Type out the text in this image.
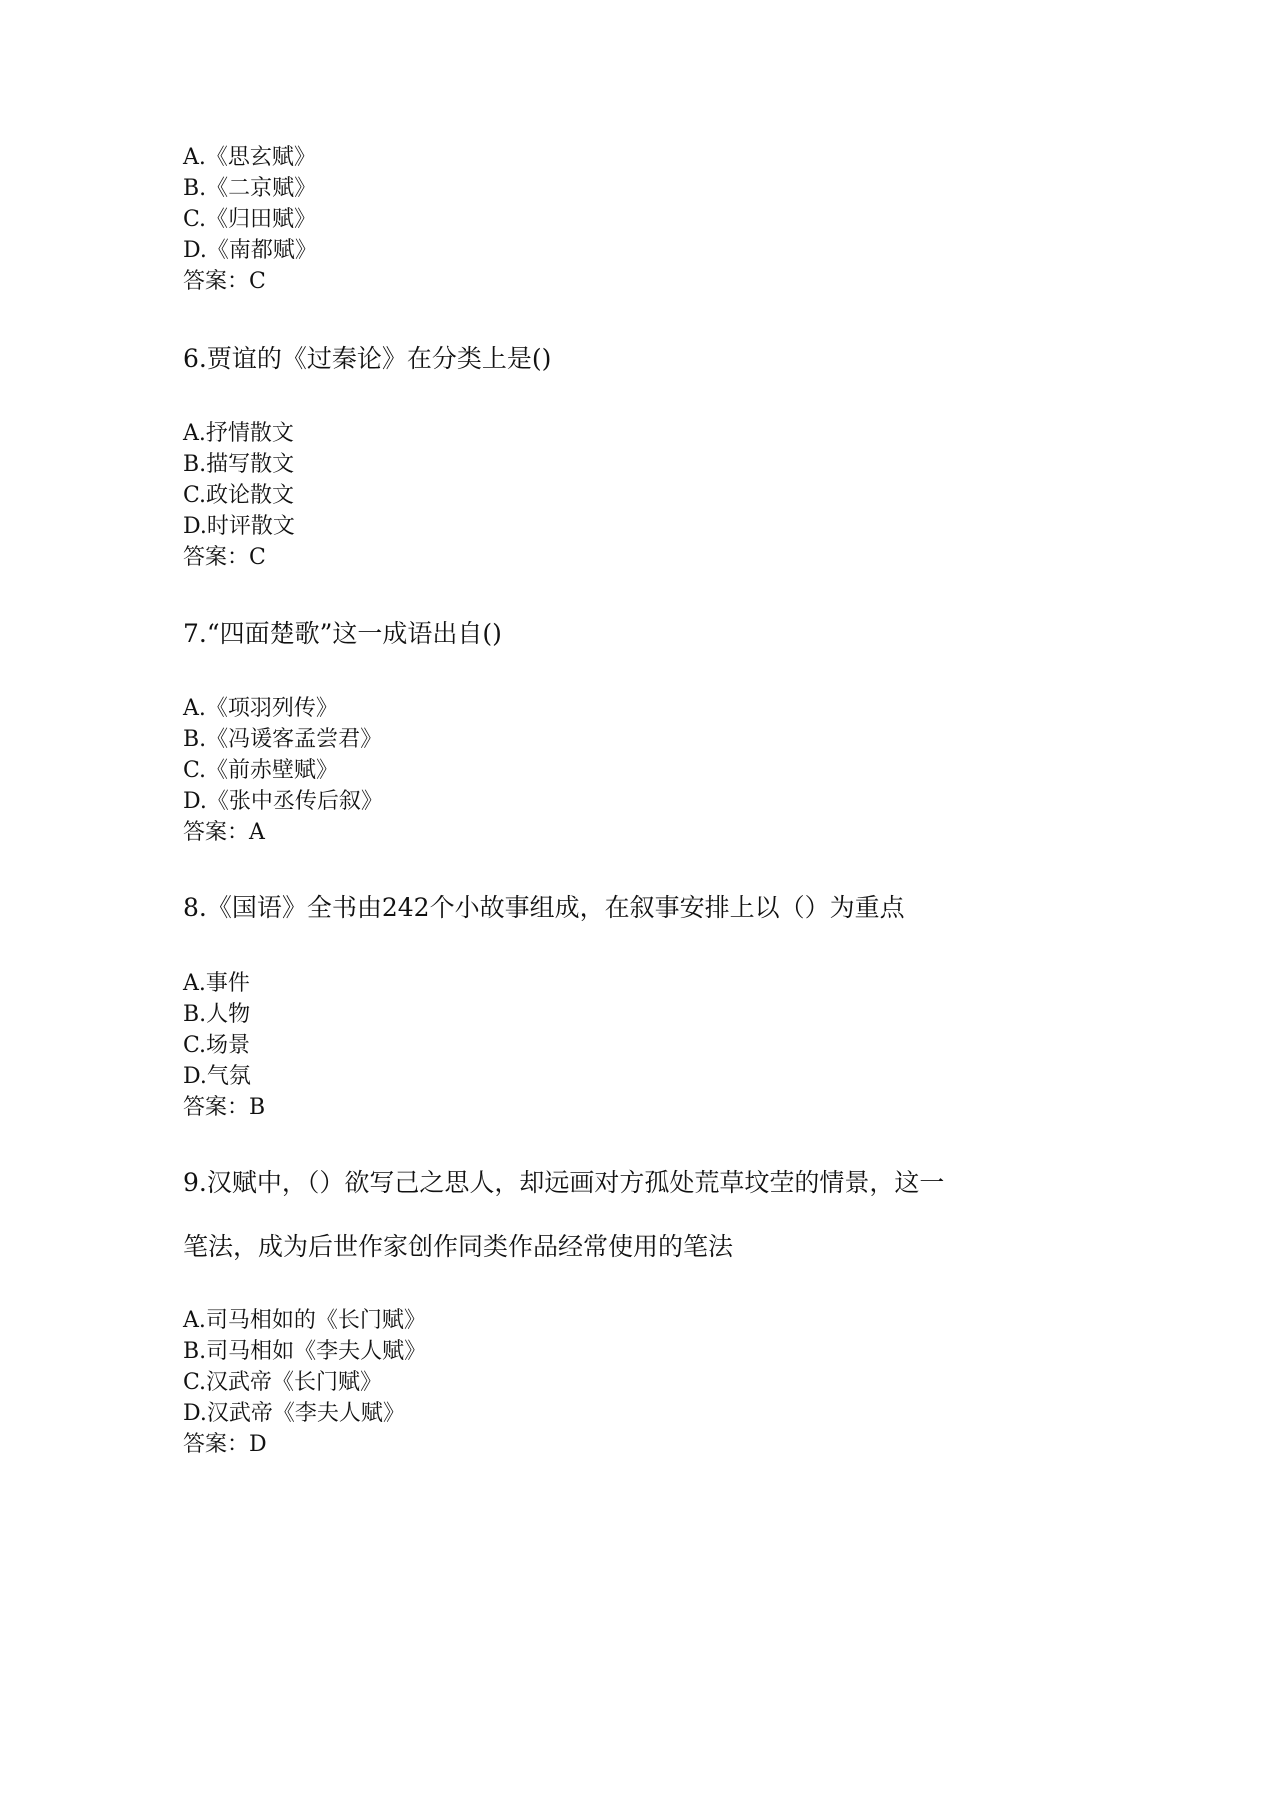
A.《思玄赋》

B.《二京赋》

C.《归田赋》

D.《南都赋》

答案：C

6.贾谊的《过秦论》在分类上是()

A.抒情散文

B.描写散文

C.政论散文

D.时评散文

答案：C

7.“四面楚歌”这一成语出自()

A.《项羽列传》

B.《冯谖客孟尝君》

C.《前赤壁赋》

D.《张中丞传后叙》

答案：A

8.《国语》全书由242个小故事组成，在叙事安排上以（）为重点

A.事件

B.人物

C.场景

D.气氛

答案：B

9.汉赋中，（）欲写己之思人，却远画对方孤处荒草坟茔的情景，这一

笔法，成为后世作家创作同类作品经常使用的笔法

A.司马相如的《长门赋》

B.司马相如《李夫人赋》

C.汉武帝《长门赋》

D.汉武帝《李夫人赋》

答案：D
